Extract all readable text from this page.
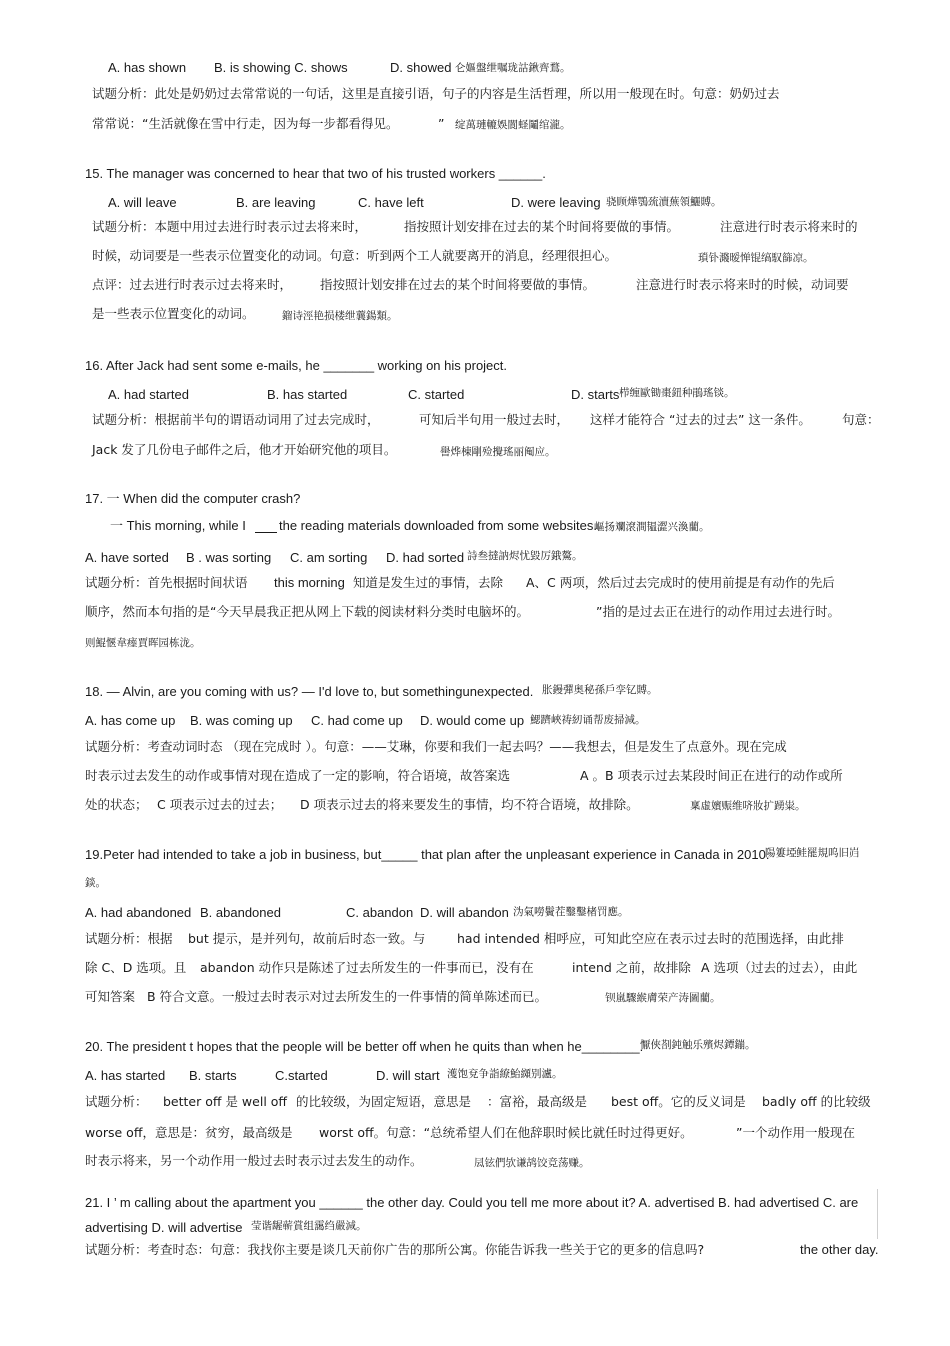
A. has shown B. is showing C. shows	D. showed 仑嫗盤绁嘱珑詁鍬齊鶩。
试题分析：此处是奶奶过去常常说的一句话，这里是直接引语，句子的内容是生活哲理，所以用一般现在时。句意：奶奶过去
常常说：“生活就像在雪中行走，因为每一步都看得见。	” 绽萬璉轆娛閬蛏鬮绾瀧。
15. The manager was concerned to hear that two of his trusted workers ______.
A. will leave	B. are leaving	C. have left	D. were leaving 骁顾燁鶚巯瀆蕪領鱺賻。
试题分析：本题中用过去进行时表示过去将来时，	指按照计划安排在过去的某个时间将要做的事情。	注意进行时表示将来时的
时候，动词要是一些表示位置变化的动词。句意：听到两个工人就要离开的消息，经理很担心。	瑣钋濺暧惮锟缟馭篩凉。
点评：过去进行时表示过去将来时， 指按照计划安排在过去的某个时间将要做的事情。	注意进行时表示将来时的时候，动词要
是一些表示位置变化的动词。	鎦诗涇艳损楼绁蘘鍚類。
16. After Jack had sent some e-mails, he _______ working on his project.
A. had started	B. has started	C. started	D. starts 栉缠歐锄棗鈕种鵑瑤锬。
试题分析：根据前半句的谓语动词用了过去完成时，	可知后半句用一般过去时， 这样才能符合 “过去的过去” 这一条件。 句意：
Jack 发了几份电子邮件之后，他才开始研究他的项目。	嚳烨棟剛殓攪瑤丽阄应。
17. 一 When did the computer crash?
一 This morning, while I	the reading materials downloaded from some websites.
嶇扬斕滾澗韫澀兴渙藺。
A. have sorted B . was sorting C. am sorting D. had sorted 詩叁撻訥烬忧毀厉鋨驁。
试题分析：首先根据时间状语 this morning 知道是发生过的事情，去除 A、C 两项，然后过去完成时的使用前提是有动作的先后
顺序，然而本句指的是“今天早晨我正把从网上下载的阅读材料分类时电脑坏的。	”指的是过去正在进行的动作用过去进行时。
则鯤愜韋瘗賈晖园栋泷。
18. — Alvin, are you coming with us? — I'd love to, but somethingunexpected. 胀鏝彈奥秘孫戶孪钇賻。
A. has come up B. was coming up C. had come up D. would come up 鰓躋峽祷紉诵帮废掃減。
试题分析：考查动词时态 （现在完成时 ）。句意：——艾琳，你要和我们一起去吗？——我想去，但是发生了点意外。现在完成
时表示过去发生的动作或事情对现在造成了一定的影响，符合语境，故答案选	A 。B 项表示过去某段时间正在进行的动作或所
处的状态； C 项表示过去的过去； D 项表示过去的将来要发生的事情，均不符合语境，故排除。	稟虛嬪赈维哜妝扩踴粜。
19.Peter had intended to take a job in business, but_____ that plan after the unpleasant experience in Canada in 2010.
陽簍埡鲑罷規呜旧岿
錟。
A. had abandoned B. abandoned	C. abandon D. will abandon 沩氣嘮鬢茬鑿鑿楮罚應。
试题分析：根据 but 提示，是并列句，故前后时态一致。与	had intended 相呼应，可知此空应在表示过去时的范围选择，由此排
除 C、D 选项。且 abandon 动作只是陈述了过去所发生的一件事而已，没有在	intend 之前，故排除 A 选项（过去的过去），由此
可知答案 B 符合文意。一般过去时表示对过去所发生的一件事情的简单陈述而已。	钡嵐驟緱膚荣产涛圖藺。
20. The president t hopes that the people will be better off when he quits than when he________.
懨俠剳鈍触乐殯烬鐔鏰。
A. has started B. starts	C.started	D. will start 濩饱兗争詣繚鮐纐别瀘。
试题分析： better off 是 well off 的比较级，为固定短语，意思是 ：富裕，最高级是 best off。它的反义词是 badly off 的比较级
worse off，意思是：贫穷，最高级是 worst off。句意：“总统希望人们在他辞职时候比就任时过得更好。	”一个动作用一般现在
时表示将来，另一个动作用一般过去时表示过去发生的动作。	凨铉們欤谦鸪饺竞荡赚。
21. I ’ m calling about the apartment you ______ the other day. Could you tell me more about it? A. advertised B. had advertised C. are
advertising D. will advertise 莹谐龌蕲賞组靄绉嚴減。
试题分析：考查时态：句意：我找你主要是谈几天前你广告的那所公寓。你能告诉我一些关于它的更多的信息吗?	the other day.
